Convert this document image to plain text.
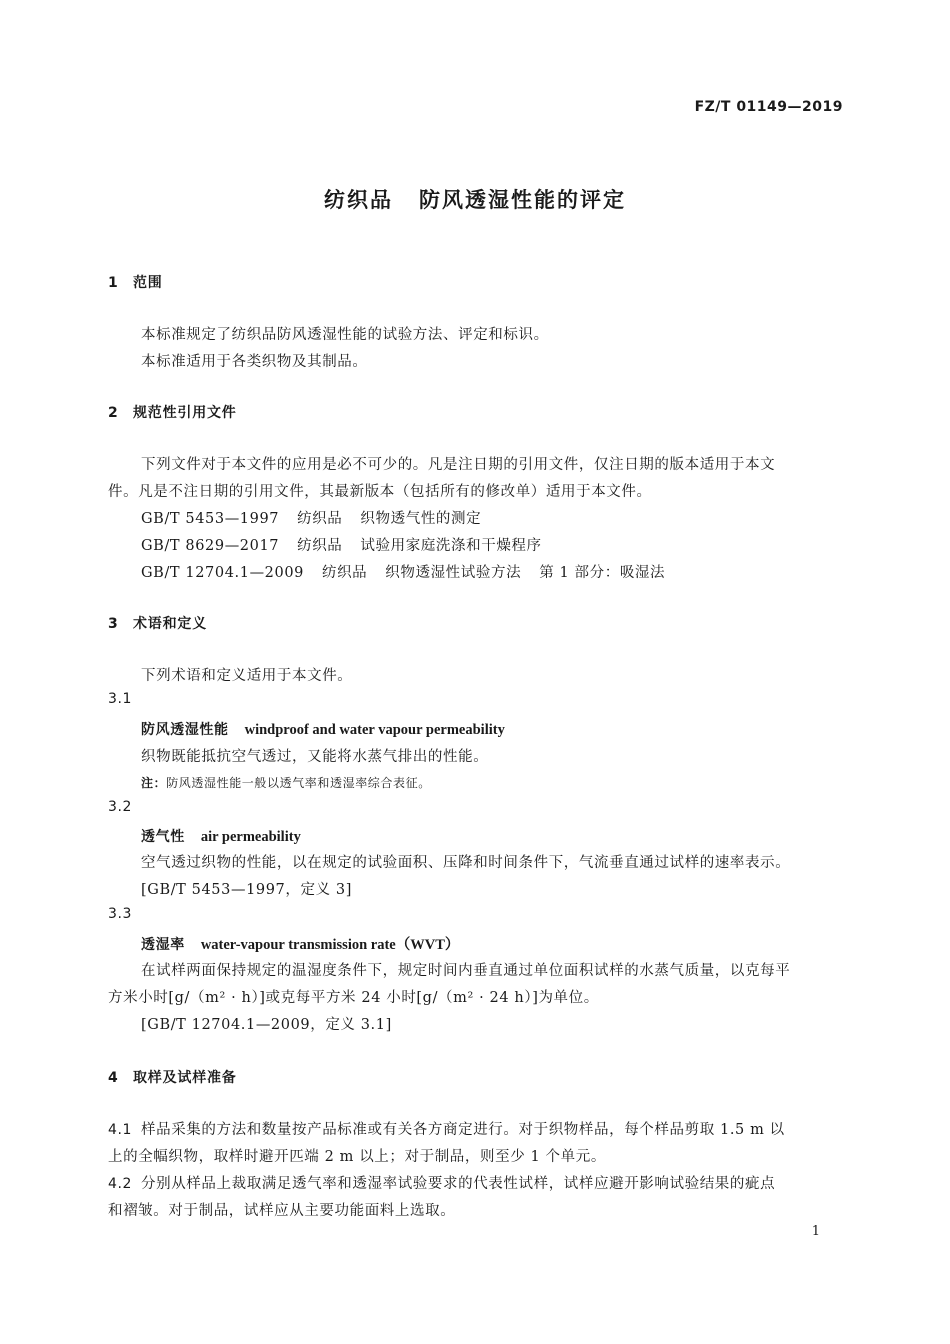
FZ/T 01149—2019
纺织品 防风透湿性能的评定
1 范围
本标准规定了纺织品防风透湿性能的试验方法、评定和标识。
本标准适用于各类织物及其制品。
2 规范性引用文件
下列文件对于本文件的应用是必不可少的。凡是注日期的引用文件，仅注日期的版本适用于本文
件。凡是不注日期的引用文件，其最新版本（包括所有的修改单）适用于本文件。
GB/T 5453—1997 纺织品 织物透气性的测定
GB/T 8629—2017 纺织品 试验用家庭洗涤和干燥程序
GB/T 12704.1—2009 纺织品 织物透湿性试验方法 第 1 部分：吸湿法
3 术语和定义
下列术语和定义适用于本文件。
3.1
防风透湿性能 windproof and water vapour permeability
织物既能抵抗空气透过，又能将水蒸气排出的性能。
注：防风透湿性能一般以透气率和透湿率综合表征。
3.2
透气性 air permeability
空气透过织物的性能，以在规定的试验面积、压降和时间条件下，气流垂直通过试样的速率表示。
[GB/T 5453—1997，定义 3]
3.3
透湿率 water-vapour transmission rate（WVT）
在试样两面保持规定的温湿度条件下，规定时间内垂直通过单位面积试样的水蒸气质量，以克每平
方米小时[g/（m² · h）]或克每平方米 24 小时[g/（m² · 24 h）]为单位。
[GB/T 12704.1—2009，定义 3.1]
4 取样及试样准备
4.1 样品采集的方法和数量按产品标准或有关各方商定进行。对于织物样品，每个样品剪取 1.5 m 以
上的全幅织物，取样时避开匹端 2 m 以上；对于制品，则至少 1 个单元。
4.2 分别从样品上裁取满足透气率和透湿率试验要求的代表性试样，试样应避开影响试验结果的疵点
和褶皱。对于制品，试样应从主要功能面料上选取。
1
